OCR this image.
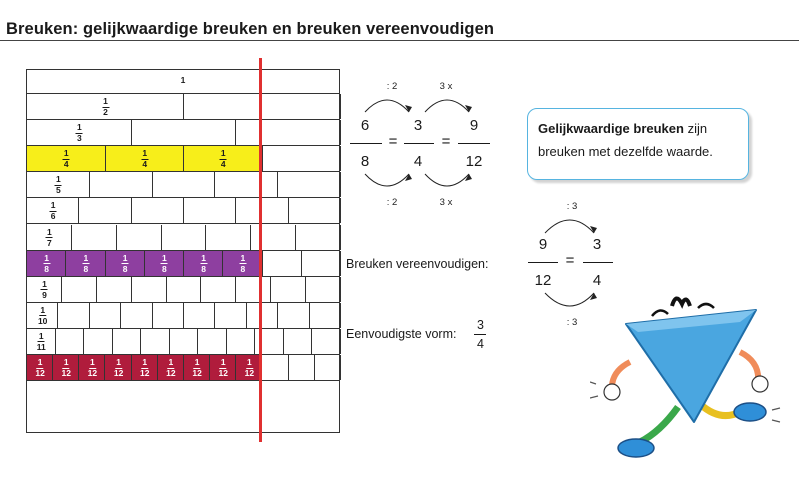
Breuken: gelijkwaardige breuken en breuken vereenvoudigen
1
1
2
1
3
1
4
1
4
1
4
1
5
1
6
1
7
1
8
1
8
1
8
1
8
1
8
1
8
1
9
1
10
1
11
1
12
1
12
1
12
1
12
1
12
1
12
1
12
1
12
1
12
: 2	3 x
: 2	3 x
6
8
=
3
4
=
9
12
Gelijkwaardige breuken zijn
breuken met dezelfde waarde.
Breuken vereenvoudigen:
: 3
: 3
9
12
=
3
4
Eenvoudigste vorm:
3
4
